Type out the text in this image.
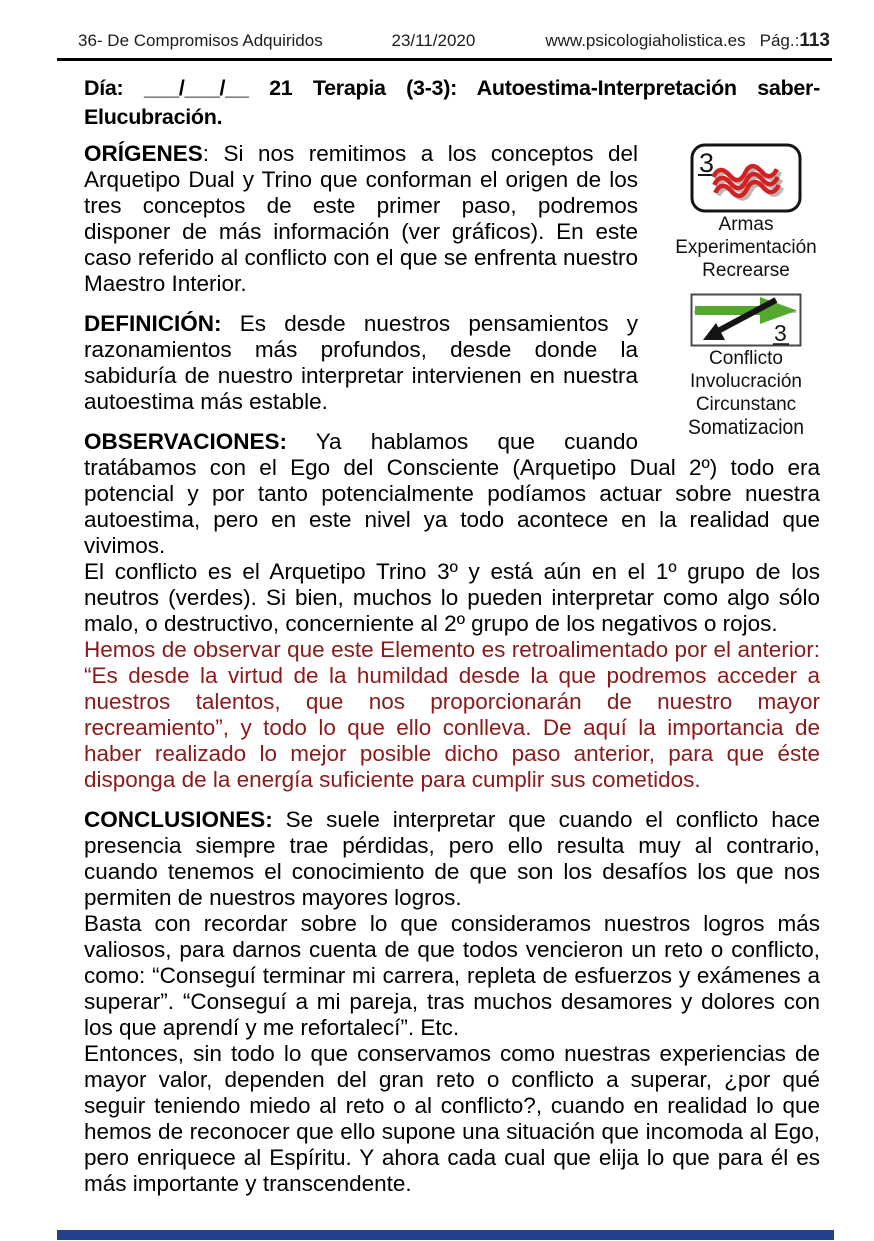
36- De Compromisos Adquiridos	23/11/2020	www.psicologiaholistica.es Pág.: 113
Día: ___/___/__ 21 Terapia (3-3): Autoestima-Interpretación saber-Elucubración.
3
Armas
Experimentación
Recrearse
3
Conflicto
Involucración
Circunstanc
Somatizacion

ORÍGENES: Si nos remitimos a los conceptos del Arquetipo Dual y Trino que conforman el origen de los tres conceptos de este primer paso, podremos disponer de más información (ver gráficos). En este caso referido al conflicto con el que se enfrenta nuestro Maestro Interior.

DEFINICIÓN: Es desde nuestros pensamientos y razonamientos más profundos, desde donde la sabiduría de nuestro interpretar intervienen en nuestra autoestima más estable.

OBSERVACIONES: Ya hablamos que cuando tratábamos con el Ego del Consciente (Arquetipo Dual 2º) todo era potencial y por tanto potencialmente podíamos actuar sobre nuestra autoestima, pero en este nivel ya todo acontece en la realidad que vivimos.

El conflicto es el Arquetipo Trino 3º y está aún en el 1º grupo de los neutros (verdes). Si bien, muchos lo pueden interpretar como algo sólo malo, o destructivo, concerniente al 2º grupo de los negativos o rojos.

Hemos de observar que este Elemento es retroalimentado por el anterior: “Es desde la virtud de la humildad desde la que podremos acceder a nuestros talentos, que nos proporcionarán de nuestro mayor recreamiento”, y todo lo que ello conlleva. De aquí la importancia de haber realizado lo mejor posible dicho paso anterior, para que éste disponga de la energía suficiente para cumplir sus cometidos.

CONCLUSIONES: Se suele interpretar que cuando el conflicto hace presencia siempre trae pérdidas, pero ello resulta muy al contrario, cuando tenemos el conocimiento de que son los desafíos los que nos permiten de nuestros mayores logros.

Basta con recordar sobre lo que consideramos nuestros logros más valiosos, para darnos cuenta de que todos vencieron un reto o conflicto, como: “Conseguí terminar mi carrera, repleta de esfuerzos y exámenes a superar”. “Conseguí a mi pareja, tras muchos desamores y dolores con los que aprendí y me refortalecí”. Etc.

Entonces, sin todo lo que conservamos como nuestras experiencias de mayor valor, dependen del gran reto o conflicto a superar, ¿por qué seguir teniendo miedo al reto o al conflicto?, cuando en realidad lo que hemos de reconocer que ello supone una situación que incomoda al Ego, pero enriquece al Espíritu. Y ahora cada cual que elija lo que para él es más importante y transcendente.
